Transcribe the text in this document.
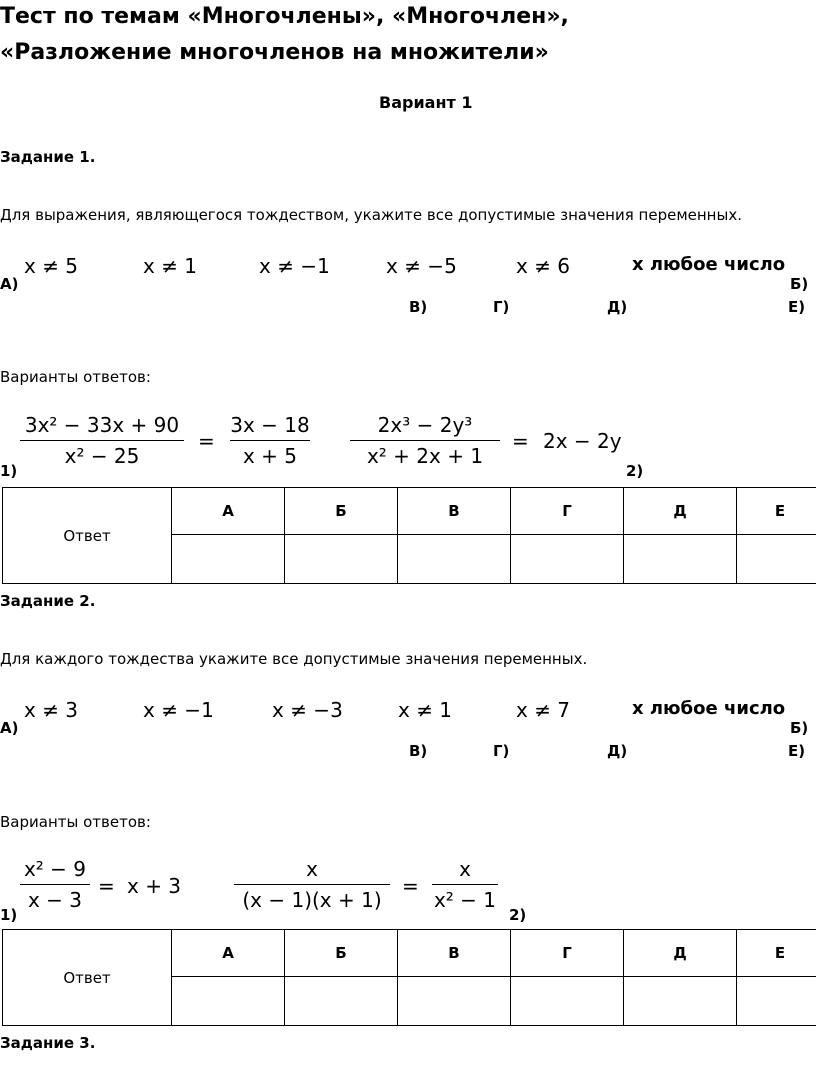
Тест по темам «Многочлены», «Многочлен»,
«Разложение многочленов на множители»
Вариант 1
Задание 1.
Для выражения, являющегося тождеством, укажите все допустимые значения переменных.
x ≠ 5	x ≠ 1	x ≠ −1	x ≠ −5	x ≠ 6	x любое число
А)	Б)
В)	Г)	Д)	Е)
Варианты ответов:
3x² − 33x + 90
x² − 25
=
3x − 18
x + 5
1)
2x³ − 2y³
x² + 2x + 1
= 2x − 2y
2)
Ответ	А	Б	В	Г	Д	Е

Задание 2.
Для каждого тождества укажите все допустимые значения переменных.
x ≠ 3	x ≠ −1	x ≠ −3	x ≠ 1	x ≠ 7	x любое число
А)	Б)
В)	Г)	Д)	Е)
Варианты ответов:
x² − 9
x − 3
= x + 3
1)
x
(x − 1)(x + 1)
=
x
x² − 1
2)
Ответ	А	Б	В	Г	Д	Е

Задание 3.
